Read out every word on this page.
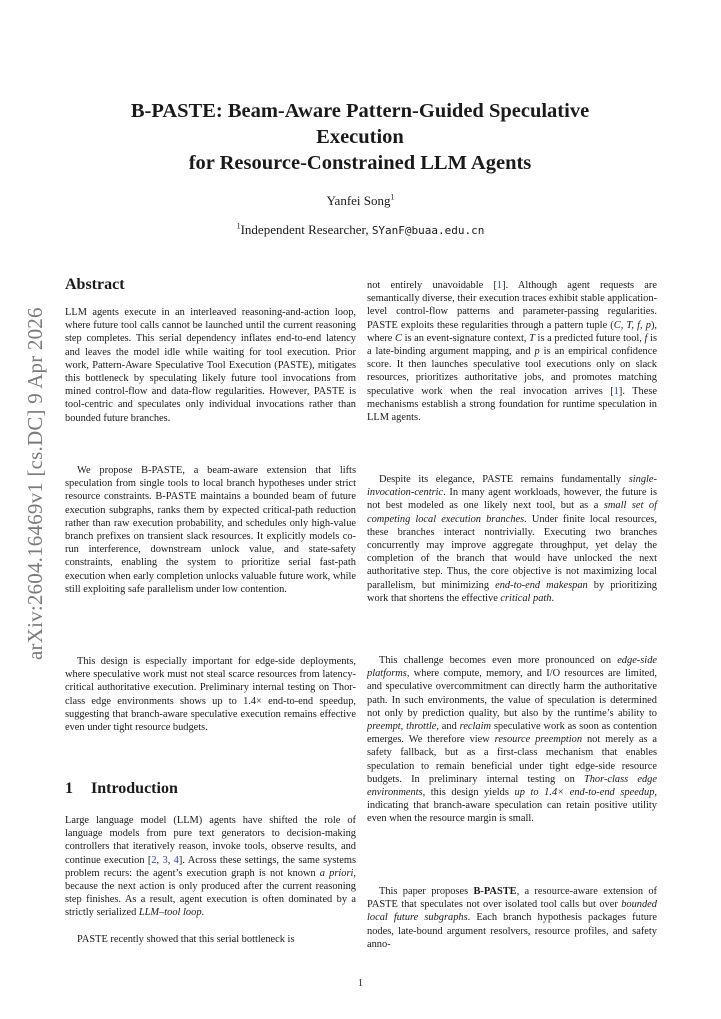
arXiv:2604.16469v1 [cs.DC] 9 Apr 2026
B-PASTE: Beam-Aware Pattern-Guided Speculative
Execution
for Resource-Constrained LLM Agents
Yanfei Song$^1$
$^1$Independent Researcher, SYanF@buaa.edu.cn
Abstract

LLM agents execute in an interleaved reasoning-and-action loop, where future tool calls cannot be launched until the current reasoning step completes. This serial dependency inflates end-to-end latency and leaves the model idle while waiting for tool execution. Prior work, Pattern-Aware Speculative Tool Execution (PASTE), mitigates this bottleneck by speculating likely future tool invocations from mined control-flow and data-flow regularities. However, PASTE is tool-centric and speculates only individual invocations rather than bounded future branches.

We propose B-PASTE, a beam-aware extension that lifts speculation from single tools to local branch hypotheses under strict resource constraints. B-PASTE maintains a bounded beam of future execution subgraphs, ranks them by expected critical-path reduction rather than raw execution probability, and schedules only high-value branch prefixes on transient slack resources. It explicitly models co-run interference, downstream unlock value, and state-safety constraints, enabling the system to prioritize serial fast-path execution when early completion unlocks valuable future work, while still exploiting safe parallelism under low contention.

This design is especially important for edge-side deployments, where speculative work must not steal scarce resources from latency-critical authoritative execution. Preliminary internal testing on Thor-class edge environments shows up to 1.4× end-to-end speedup, suggesting that branch-aware speculative execution remains effective even under tight resource budgets.

1 Introduction

Large language model (LLM) agents have shifted the role of language models from pure text generators to decision-making controllers that iteratively reason, invoke tools, observe results, and continue execution [2, 3, 4]. Across these settings, the same systems problem recurs: the agent’s execution graph is not known a priori, because the next action is only produced after the current reasoning step finishes. As a result, agent execution is often dominated by a strictly serialized LLM–tool loop.

PASTE recently showed that this serial bottleneck is

not entirely unavoidable [1]. Although agent requests are semantically diverse, their execution traces exhibit stable application-level control-flow patterns and parameter-passing regularities. PASTE exploits these regularities through a pattern tuple (C, T, f, p), where C is an event-signature context, T is a predicted future tool, f is a late-binding argument mapping, and p is an empirical confidence score. It then launches speculative tool executions only on slack resources, prioritizes authoritative jobs, and promotes matching speculative work when the real invocation arrives [1]. These mechanisms establish a strong foundation for runtime speculation in LLM agents.

Despite its elegance, PASTE remains fundamentally single-invocation-centric. In many agent workloads, however, the future is not best modeled as one likely next tool, but as a small set of competing local execution branches. Under finite local resources, these branches interact nontrivially. Executing two branches concurrently may improve aggregate throughput, yet delay the completion of the branch that would have unlocked the next authoritative step. Thus, the core objective is not maximizing local parallelism, but minimizing end-to-end makespan by prioritizing work that shortens the effective critical path.

This challenge becomes even more pronounced on edge-side platforms, where compute, memory, and I/O resources are limited, and speculative overcommitment can directly harm the authoritative path. In such environments, the value of speculation is determined not only by prediction quality, but also by the runtime’s ability to preempt, throttle, and reclaim speculative work as soon as contention emerges. We therefore view resource preemption not merely as a safety fallback, but as a first-class mechanism that enables speculation to remain beneficial under tight edge-side resource budgets. In preliminary internal testing on Thor-class edge environments, this design yields up to 1.4× end-to-end speedup, indicating that branch-aware speculation can retain positive utility even when the resource margin is small.

This paper proposes B-PASTE, a resource-aware extension of PASTE that speculates not over isolated tool calls but over bounded local future subgraphs. Each branch hypothesis packages future nodes, late-bound argument resolvers, resource profiles, and safety anno-

1
